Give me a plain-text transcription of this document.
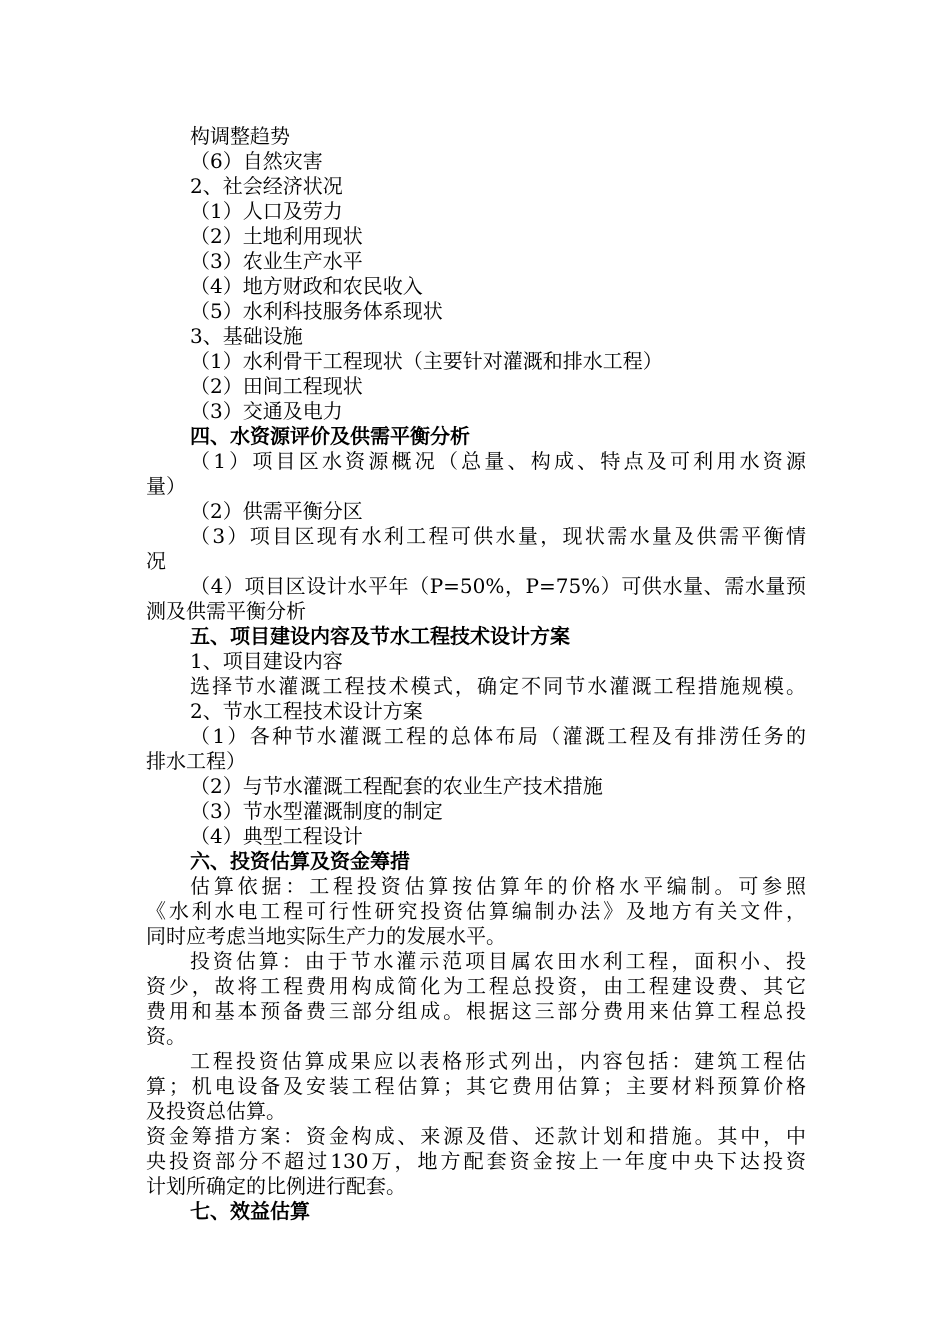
构调整趋势
（6）自然灾害
2、社会经济状况
（1）人口及劳力
（2）土地利用现状
（3）农业生产水平
（4）地方财政和农民收入
（5）水利科技服务体系现状
3、基础设施
（1）水利骨干工程现状（主要针对灌溉和排水工程）
（2）田间工程现状
（3）交通及电力
四、水资源评价及供需平衡分析
（1）项目区水资源概况（总量、构成、特点及可利用水资源
量）
（2）供需平衡分区
（3）项目区现有水利工程可供水量，现状需水量及供需平衡情
况
（4）项目区设计水平年（P=50%，P=75%）可供水量、需水量预
测及供需平衡分析
五、项目建设内容及节水工程技术设计方案
1、项目建设内容
选择节水灌溉工程技术模式，确定不同节水灌溉工程措施规模。
2、节水工程技术设计方案
（1）各种节水灌溉工程的总体布局（灌溉工程及有排涝任务的
排水工程）
（2）与节水灌溉工程配套的农业生产技术措施
（3）节水型灌溉制度的制定
（4）典型工程设计
六、投资估算及资金筹措
估算依据：工程投资估算按估算年的价格水平编制。可参照
《水利水电工程可行性研究投资估算编制办法》及地方有关文件，
同时应考虑当地实际生产力的发展水平。
投资估算：由于节水灌示范项目属农田水利工程，面积小、投
资少，故将工程费用构成简化为工程总投资，由工程建设费、其它
费用和基本预备费三部分组成。根据这三部分费用来估算工程总投
资。
工程投资估算成果应以表格形式列出，内容包括：建筑工程估
算；机电设备及安装工程估算；其它费用估算；主要材料预算价格
及投资总估算。
资金筹措方案：资金构成、来源及借、还款计划和措施。其中，中
央投资部分不超过130万，地方配套资金按上一年度中央下达投资
计划所确定的比例进行配套。
七、效益估算
